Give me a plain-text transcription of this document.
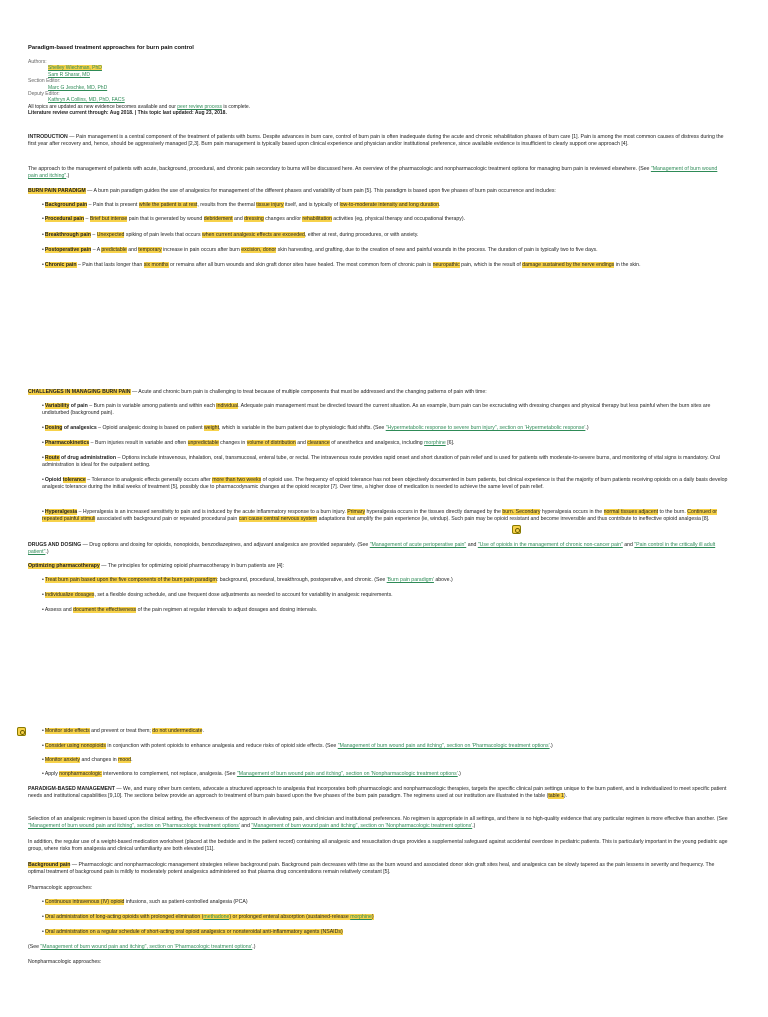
Paradigm-based treatment approaches for burn pain control
Authors:
Shelley Wiechman, PhD
Sam R Sharar, MD
Section Editor:
Marc G Jeschke, MD, PhD
Deputy Editor:
Kathryn A Collins, MD, PhD, FACS
All topics are updated as new evidence becomes available and our peer review process is complete.
Literature review current through: Aug 2018. | This topic last updated: Aug 23, 2018.

INTRODUCTION — Pain management is a central component of the treatment of patients with burns. Despite advances in burn care, control of burn pain is often inadequate during the acute and chronic rehabilitation phases of burn care [1]. Pain is among the most common causes of distress during the first year after recovery and, hence, should be aggressively managed [2,3]. Burn pain management is typically based upon clinical experience and physician and/or institutional preference, since available evidence is insufficient to clearly support one approach [4].

The approach to the management of patients with acute, background, procedural, and chronic pain secondary to burns will be discussed here. An overview of the pharmacologic and nonpharmacologic treatment options for managing burn pain is reviewed elsewhere. (See "Management of burn wound pain and itching".)

BURN PAIN PARADIGM — A burn pain paradigm guides the use of analgesics for management of the different phases and variability of burn pain [5]. This paradigm is based upon five phases of burn pain occurrence and includes:

• Background pain – Pain that is present while the patient is at rest, results from the thermal tissue injury itself, and is typically of low-to-moderate intensity and long duration.

• Procedural pain – Brief but intense pain that is generated by wound debridement and dressing changes and/or rehabilitation activities (eg, physical therapy and occupational therapy).

• Breakthrough pain – Unexpected spiking of pain levels that occurs when current analgesic effects are exceeded, either at rest, during procedures, or with anxiety.

• Postoperative pain – A predictable and temporary increase in pain occurs after burn excision, donor skin harvesting, and grafting, due to the creation of new and painful wounds in the process. The duration of pain is typically two to five days.

• Chronic pain – Pain that lasts longer than six months or remains after all burn wounds and skin graft donor sites have healed. The most common form of chronic pain is neuropathic pain, which is the result of damage sustained by the nerve endings in the skin.

CHALLENGES IN MANAGING BURN PAIN — Acute and chronic burn pain is challenging to treat because of multiple components that must be addressed and the changing patterns of pain with time:

• Variability of pain – Burn pain is variable among patients and within each individual. Adequate pain management must be directed toward the current situation. As an example, burn pain can be excruciating with dressing changes and physical therapy but less painful when the burn sites are undisturbed (background pain).

• Dosing of analgesics – Opioid analgesic dosing is based on patient weight, which is variable in the burn patient due to physiologic fluid shifts. (See "Hypermetabolic response to severe burn injury", section on 'Hypermetabolic response'.)

• Pharmacokinetics – Burn injuries result in variable and often unpredictable changes in volume of distribution and clearance of anesthetics and analgesics, including morphine [6].

• Route of drug administration – Options include intravenous, inhalation, oral, transmucosal, enteral tube, or rectal. The intravenous route provides rapid onset and short duration of pain relief and is used for patients with moderate-to-severe burns, and monitoring of vital signs is mandatory. Oral administration is ideal for the outpatient setting.

• Opioid tolerance – Tolerance to analgesic effects generally occurs after more than two weeks of opioid use. The frequency of opioid tolerance has not been objectively documented in burn patients, but clinical experience is that the majority of burn patients receiving opioids on a daily basis develop analgesic tolerance during the initial weeks of treatment [5], possibly due to pharmacodynamic changes at the opioid receptor [7]. Over time, a higher dose of medication is needed to achieve the same level of pain relief.

• Hyperalgesia – Hyperalgesia is an increased sensitivity to pain and is induced by the acute inflammatory response to a burn injury. Primary hyperalgesia occurs in the tissues directly damaged by the burn. Secondary hyperalgesia occurs in the normal tissues adjacent to the burn. Continued or repeated painful stimuli associated with background pain or repeated procedural pain can cause central nervous system adaptations that amplify the pain experience (ie, windup). Such pain may be opioid resistant and become irreversible and thus contribute to ineffective opioid analgesia [8].

DRUGS AND DOSING — Drug options and dosing for opioids, nonopioids, benzodiazepines, and adjuvant analgesics are provided separately. (See "Management of acute perioperative pain" and "Use of opioids in the management of chronic non-cancer pain" and "Pain control in the critically ill adult patient".)

Optimizing pharmacotherapy — The principles for optimizing opioid pharmacotherapy in burn patients are [4]:

• Treat burn pain based upon the five components of the burn pain paradigm: background, procedural, breakthrough, postoperative, and chronic. (See 'Burn pain paradigm' above.)

• Individualize dosages, set a flexible dosing schedule, and use frequent dose adjustments as needed to account for variability in analgesic requirements.

• Assess and document the effectiveness of the pain regimen at regular intervals to adjust dosages and dosing intervals.

• Monitor side effects and prevent or treat them; do not undermedicate.

• Consider using nonopioids in conjunction with potent opioids to enhance analgesia and reduce risks of opioid side effects. (See "Management of burn wound pain and itching", section on 'Pharmacologic treatment options'.)

• Monitor anxiety and changes in mood.

• Apply nonpharmacologic interventions to complement, not replace, analgesia. (See "Management of burn wound pain and itching", section on 'Nonpharmacologic treatment options'.)

PARADIGM-BASED MANAGEMENT — We, and many other burn centers, advocate a structured approach to analgesia that incorporates both pharmacologic and nonpharmacologic therapies, targets the specific clinical pain settings unique to the burn patient, and is individualized to meet specific patient needs and institutional capabilities [9,10]. The sections below provide an approach to treatment of burn pain based upon the five phases of the burn pain paradigm. The regimens used at our institution are illustrated in the table (table 1).

Selection of an analgesic regimen is based upon the clinical setting, the effectiveness of the approach in alleviating pain, and clinician and institutional preferences. No regimen is appropriate in all settings, and there is no high-quality evidence that any particular regimen is more effective than another. (See "Management of burn wound pain and itching", section on 'Pharmacologic treatment options' and "Management of burn wound pain and itching", section on 'Nonpharmacologic treatment options'.)

In addition, the regular use of a weight-based medication worksheet (placed at the bedside and in the patient record) containing all analgesic and resuscitation drugs provides a supplemental safeguard against accidental overdose in pediatric patients. This is particularly important in the young pediatric age group, where risks from analgesia and clinical unfamiliarity are both elevated [11].

Background pain — Pharmacologic and nonpharmacologic management strategies relieve background pain. Background pain decreases with time as the burn wound and associated donor skin graft sites heal, and analgesics can be slowly tapered as the pain lessens in severity and frequency. The optimal treatment of background pain is mildly to moderately potent analgesics administered so that plasma drug concentrations remain relatively constant [5].

Pharmacologic approaches:

• Continuous intravenous (IV) opioid infusions, such as patient-controlled analgesia (PCA)

• Oral administration of long-acting opioids with prolonged elimination (methadone) or prolonged enteral absorption (sustained-release morphine)

• Oral administration on a regular schedule of short-acting oral opioid analgesics or nonsteroidal anti-inflammatory agents (NSAIDs)

(See "Management of burn wound pain and itching", section on 'Pharmacologic treatment options'.)

Nonpharmacologic approaches:
